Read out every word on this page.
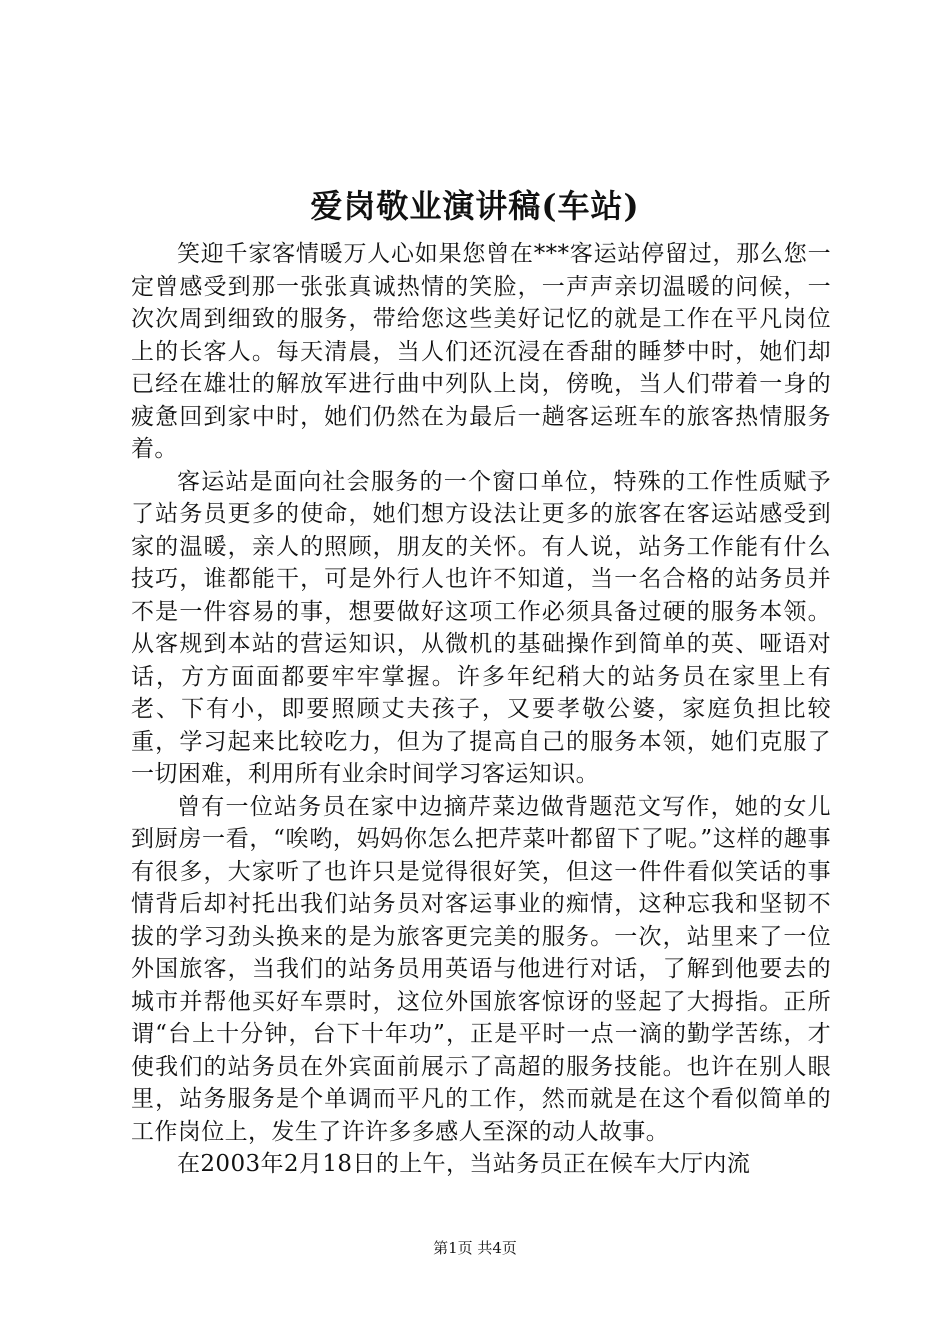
爱岗敬业演讲稿(车站)

笑迎千家客情暖万人心如果您曾在***客运站停留过，那么您一定曾感受到那一张张真诚热情的笑脸，一声声亲切温暖的问候，一次次周到细致的服务，带给您这些美好记忆的就是工作在平凡岗位上的长客人。每天清晨，当人们还沉浸在香甜的睡梦中时，她们却已经在雄壮的解放军进行曲中列队上岗，傍晚，当人们带着一身的疲惫回到家中时，她们仍然在为最后一趟客运班车的旅客热情服务着。

客运站是面向社会服务的一个窗口单位，特殊的工作性质赋予了站务员更多的使命，她们想方设法让更多的旅客在客运站感受到家的温暖，亲人的照顾，朋友的关怀。有人说，站务工作能有什么技巧，谁都能干，可是外行人也许不知道，当一名合格的站务员并不是一件容易的事，想要做好这项工作必须具备过硬的服务本领。从客规到本站的营运知识，从微机的基础操作到简单的英、哑语对话，方方面面都要牢牢掌握。许多年纪稍大的站务员在家里上有老、下有小，即要照顾丈夫孩子，又要孝敬公婆，家庭负担比较重，学习起来比较吃力，但为了提高自己的服务本领，她们克服了一切困难，利用所有业余时间学习客运知识。

曾有一位站务员在家中边摘芹菜边做背题范文写作，她的女儿到厨房一看，“唉哟，妈妈你怎么把芹菜叶都留下了呢。”这样的趣事有很多，大家听了也许只是觉得很好笑，但这一件件看似笑话的事情背后却衬托出我们站务员对客运事业的痴情，这种忘我和坚韧不拔的学习劲头换来的是为旅客更完美的服务。一次，站里来了一位外国旅客，当我们的站务员用英语与他进行对话，了解到他要去的城市并帮他买好车票时，这位外国旅客惊讶的竖起了大拇指。正所谓“台上十分钟，台下十年功”，正是平时一点一滴的勤学苦练，才使我们的站务员在外宾面前展示了高超的服务技能。也许在别人眼里，站务服务是个单调而平凡的工作，然而就是在这个看似简单的工作岗位上，发生了许许多多感人至深的动人故事。

在2003年2月18日的上午，当站务员正在候车大厅内流

第1页 共4页
